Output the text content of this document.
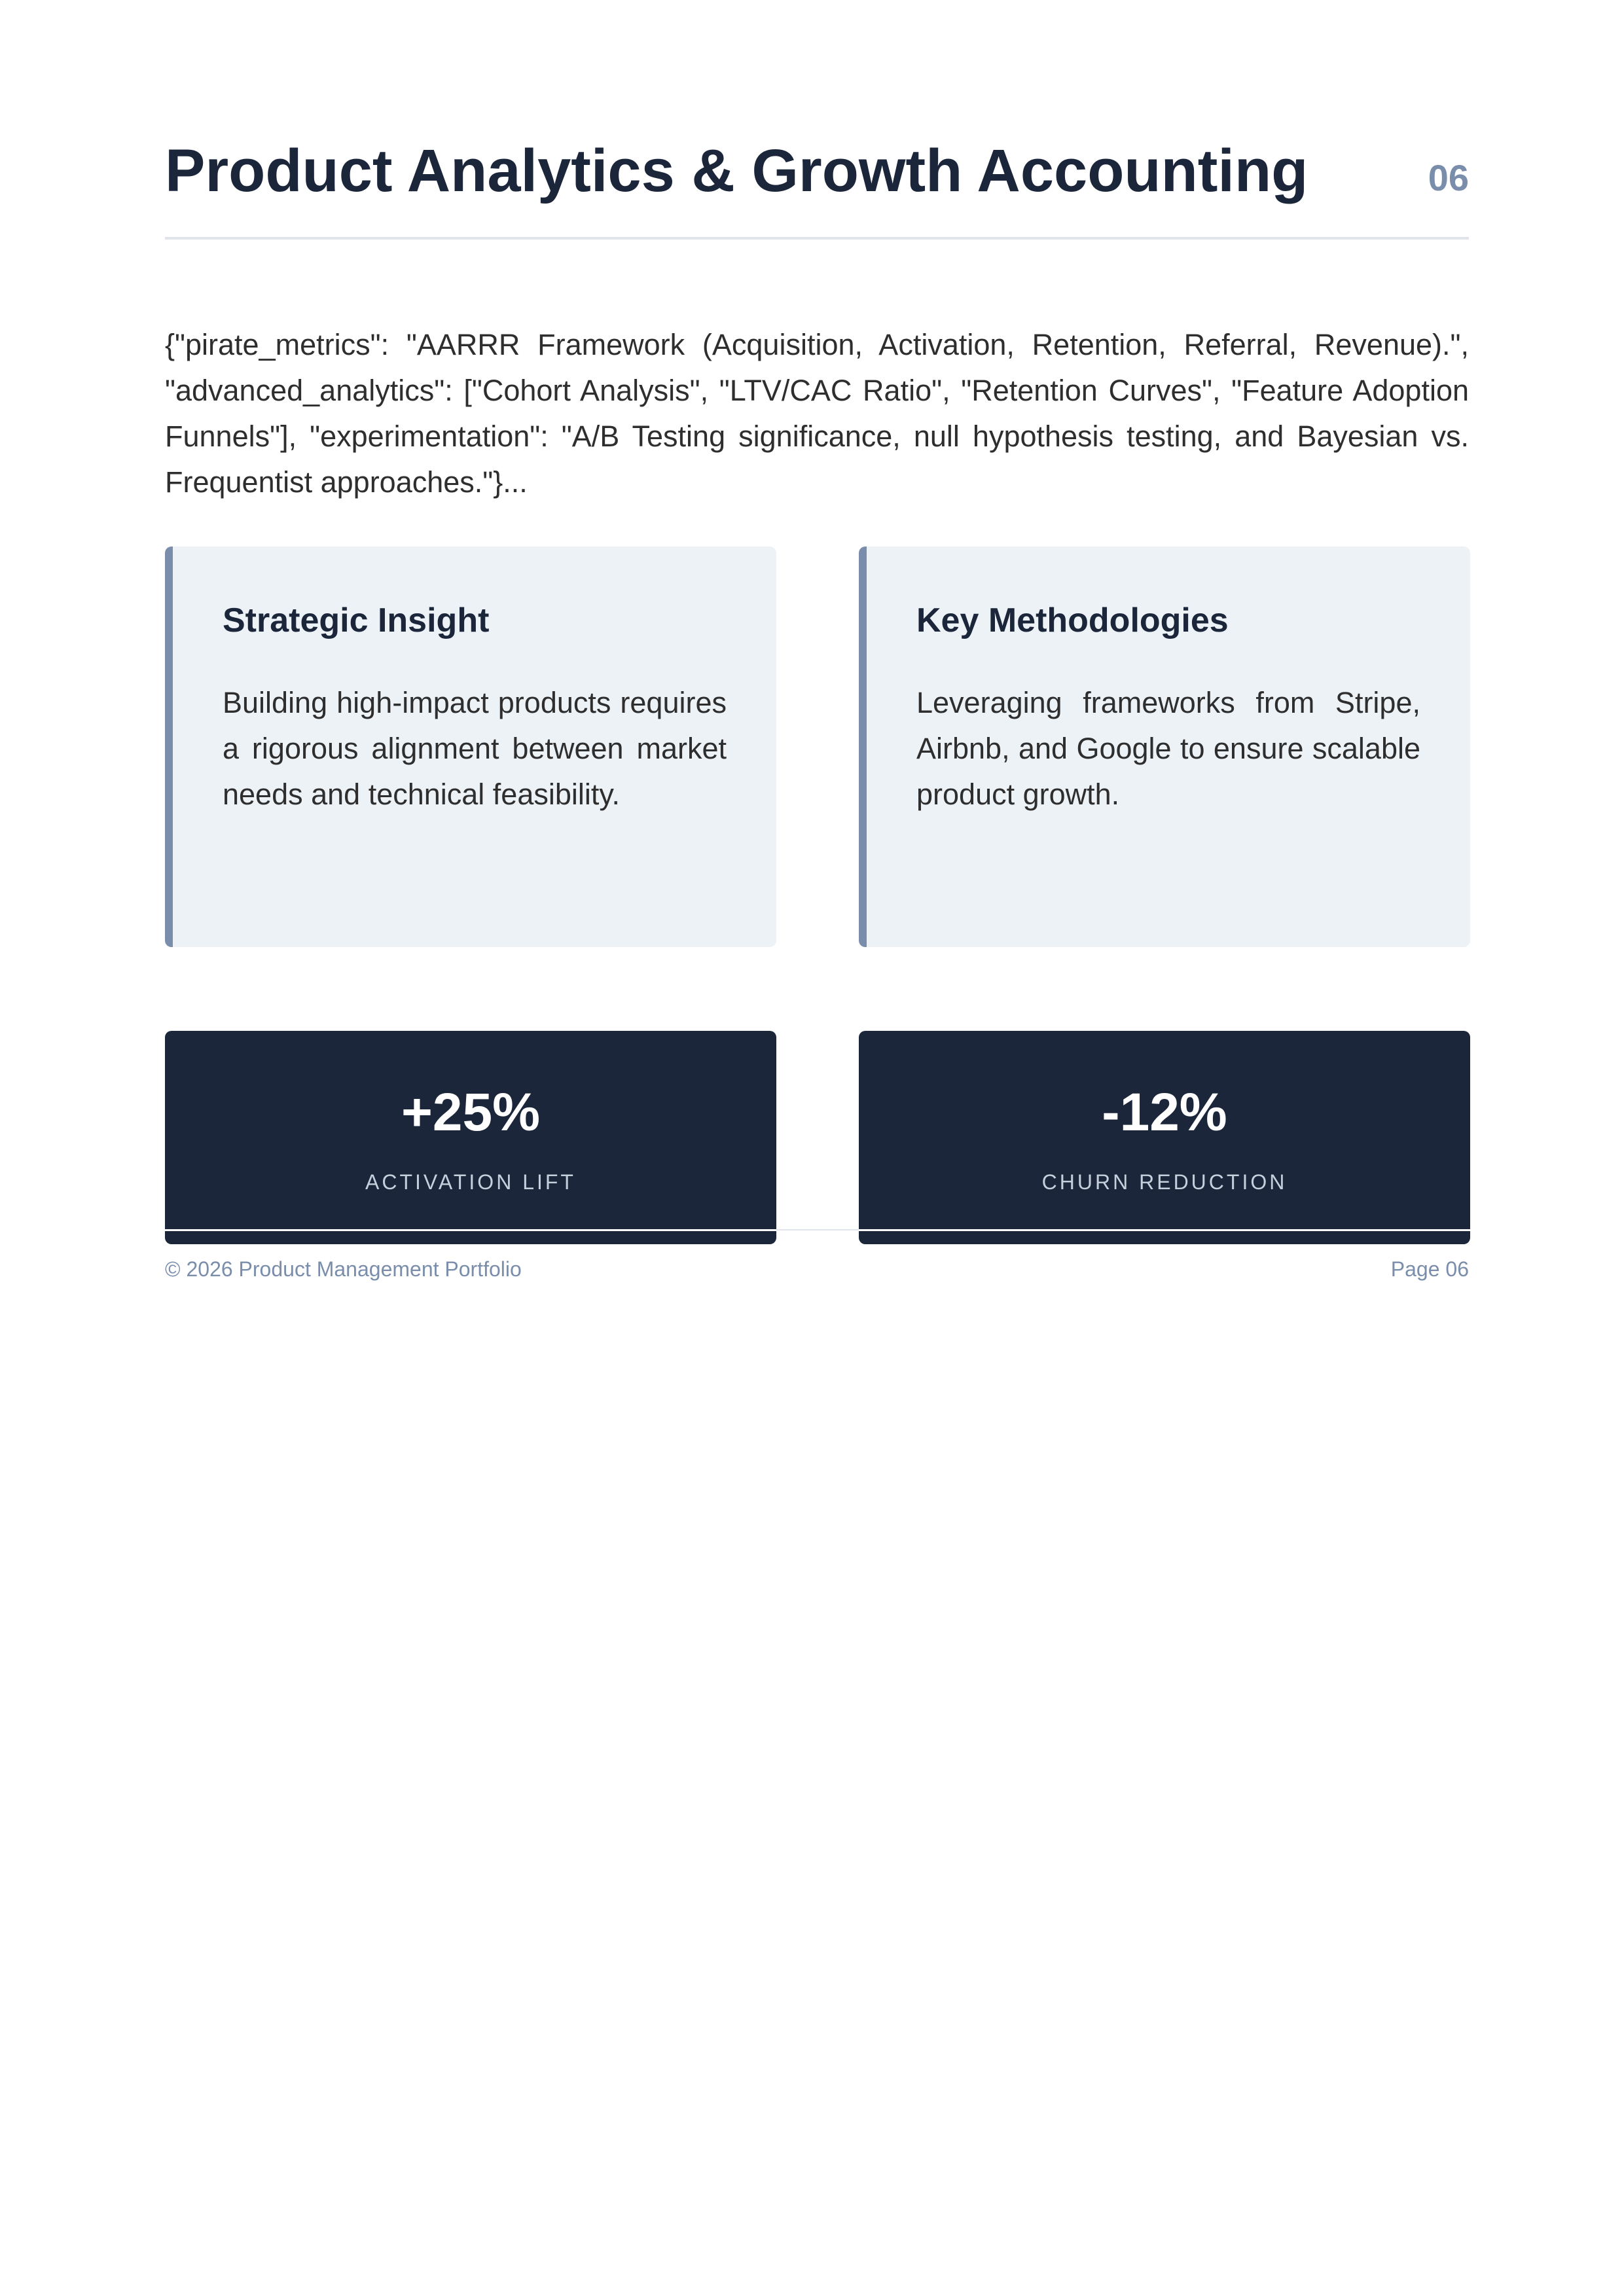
Product Analytics & Growth Accounting	06

{"pirate_metrics": "AARRR Framework (Acquisition, Activation, Retention, Referral, Revenue).", "advanced_analytics": ["Cohort Analysis", "LTV/CAC Ratio", "Retention Curves", "Feature Adoption Funnels"], "experimentation": "A/B Testing significance, null hypothesis testing, and Bayesian vs. Frequentist approaches."}...

Strategic Insight

Building high-impact products requires a rigorous alignment between market needs and technical feasibility.

Key Methodologies

Leveraging frameworks from Stripe, Airbnb, and Google to ensure scalable product growth.

+25%
ACTIVATION LIFT
-12%
CHURN REDUCTION
© 2026 Product Management Portfolio	Page 06
